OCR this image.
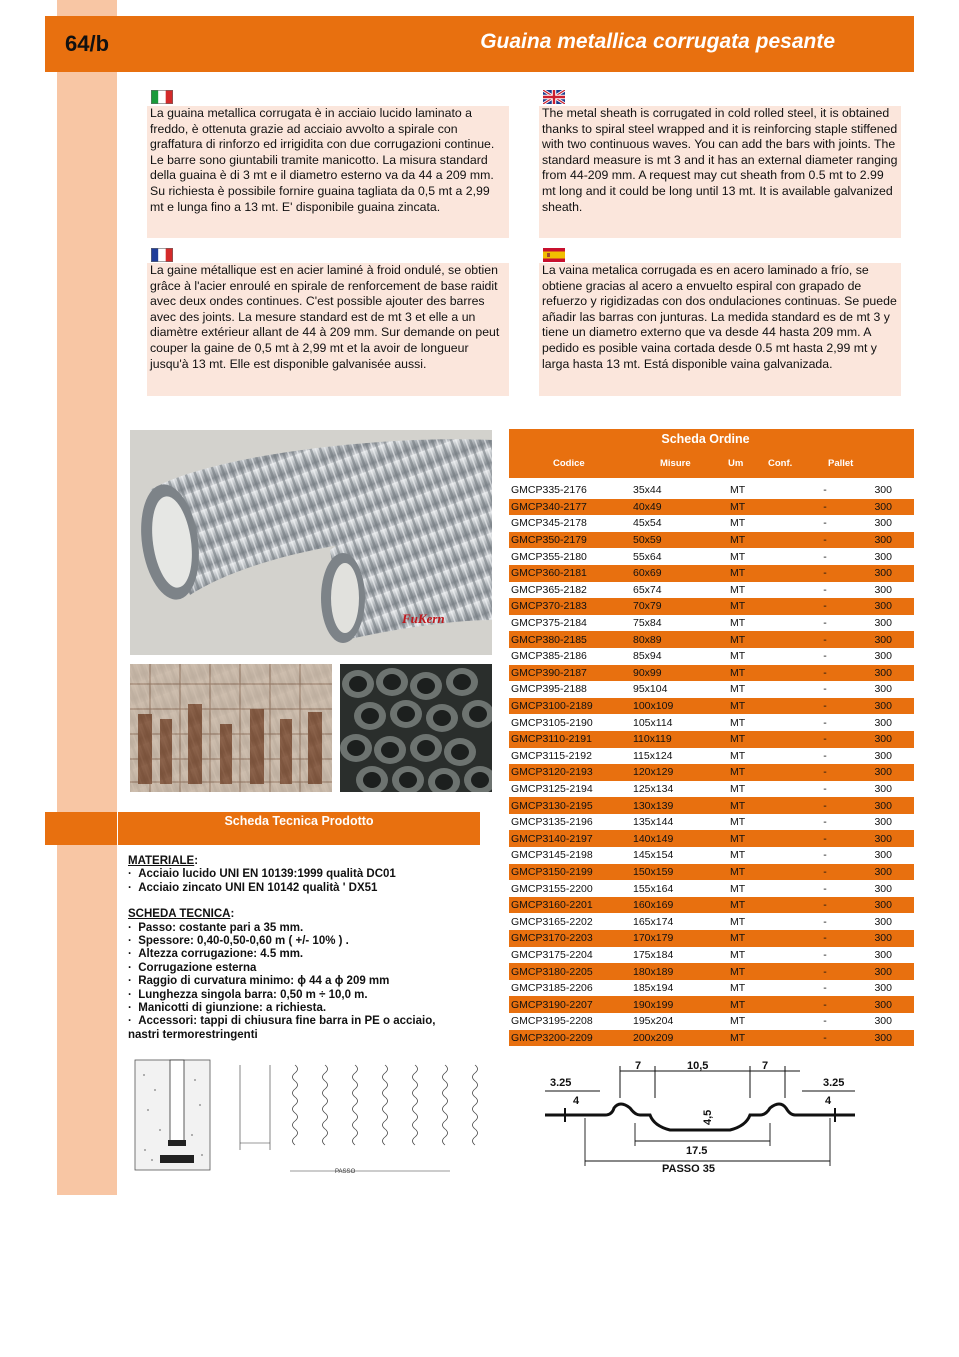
64/b	Guaina metallica corrugata pesante

La guaina metallica corrugata è in acciaio lucido laminato a freddo, è ottenuta grazie ad acciaio avvolto a spirale con graffatura di rinforzo ed irrigidita con due corrugazioni continue. Le barre sono giuntabili tramite manicotto. La misura standard della guaina è di 3 mt e il diametro esterno va da 44 a 209 mm. Su richiesta è possibile fornire guaina tagliata da 0,5 mt a 2,99 mt e lunga fino a 13 mt. E' disponibile guaina zincata.

The metal sheath is corrugated in cold rolled steel, it is obtained thanks to spiral steel wrapped and it is reinforcing staple stiffened with two continuous waves. You can add the bars with joints. The standard measure is mt 3 and it has an external diameter ranging from 44-209 mm. A request may cut sheath from 0.5 mt to 2.99 mt long and it could be long until 13 mt. It is available galvanized sheath.

La gaine métallique est en acier laminé à froid ondulé, se obtien grâce à l'acier enroulé en spirale de renforcement de base raidit avec deux ondes continues. C'est possible ajouter des barres avec des joints. La mesure standard est de mt 3 et elle a un diamètre extérieur allant de 44 à 209 mm. Sur demande on peut couper la gaine de 0,5 mt à 2,99 mt et la avoir de longueur jusqu'à 13 mt. Elle est disponible galvanisée aussi.

La vaina metalica corrugada es en acero laminado a frío, se obtiene gracias al acero a envuelto espiral con grapado de refuerzo y rigidizadas con dos ondulaciones continuas. Se puede añadir las barras con junturas. La medida standard es de mt 3 y tiene un diametro externo que va desde 44 hasta 209 mm. A pedido es posible vaina cortada desde 0.5 mt hasta 2,99 mt y larga hasta 13 mt. Está disponible vaina galvanizada.

FuKern
Scheda Tecnica Prodotto
MATERIALE:
·  Acciaio lucido UNI EN 10139:1999 qualità DC01
·  Acciaio zincato UNI EN 10142 qualità ' DX51
SCHEDA TECNICA:
·  Passo: costante pari a 35 mm.
·  Spessore: 0,40-0,50-0,60 m ( +/- 10% ) .
·  Altezza corrugazione: 4.5 mm.
·  Corrugazione esterna
·  Raggio di curvatura minimo: ɸ 44 a ɸ 209 mm
·  Lunghezza singola barra: 0,50 m ÷ 10,0 m.
·  Manicotti di giunzione: a richiesta.
·  Accessori: tappi di chiusura fine barra in PE o acciaio,
nastri termorestringenti
PASSO
Scheda Ordine
Codice	Misure	Um	Conf.	Pallet
GMCP335-2176	35x44	MT	-	300
GMCP340-2177	40x49	MT	-	300
GMCP345-2178	45x54	MT	-	300
GMCP350-2179	50x59	MT	-	300
GMCP355-2180	55x64	MT	-	300
GMCP360-2181	60x69	MT	-	300
GMCP365-2182	65x74	MT	-	300
GMCP370-2183	70x79	MT	-	300
GMCP375-2184	75x84	MT	-	300
GMCP380-2185	80x89	MT	-	300
GMCP385-2186	85x94	MT	-	300
GMCP390-2187	90x99	MT	-	300
GMCP395-2188	95x104	MT	-	300
GMCP3100-2189	100x109	MT	-	300
GMCP3105-2190	105x114	MT	-	300
GMCP3110-2191	110x119	MT	-	300
GMCP3115-2192	115x124	MT	-	300
GMCP3120-2193	120x129	MT	-	300
GMCP3125-2194	125x134	MT	-	300
GMCP3130-2195	130x139	MT	-	300
GMCP3135-2196	135x144	MT	-	300
GMCP3140-2197	140x149	MT	-	300
GMCP3145-2198	145x154	MT	-	300
GMCP3150-2199	150x159	MT	-	300
GMCP3155-2200	155x164	MT	-	300
GMCP3160-2201	160x169	MT	-	300
GMCP3165-2202	165x174	MT	-	300
GMCP3170-2203	170x179	MT	-	300
GMCP3175-2204	175x184	MT	-	300
GMCP3180-2205	180x189	MT	-	300
GMCP3185-2206	185x194	MT	-	300
GMCP3190-2207	190x199	MT	-	300
GMCP3195-2208	195x204	MT	-	300
GMCP3200-2209	200x209	MT	-	300
7	10,5	7
3.25
4
4,5
3.25
4
17.5
PASSO 35
